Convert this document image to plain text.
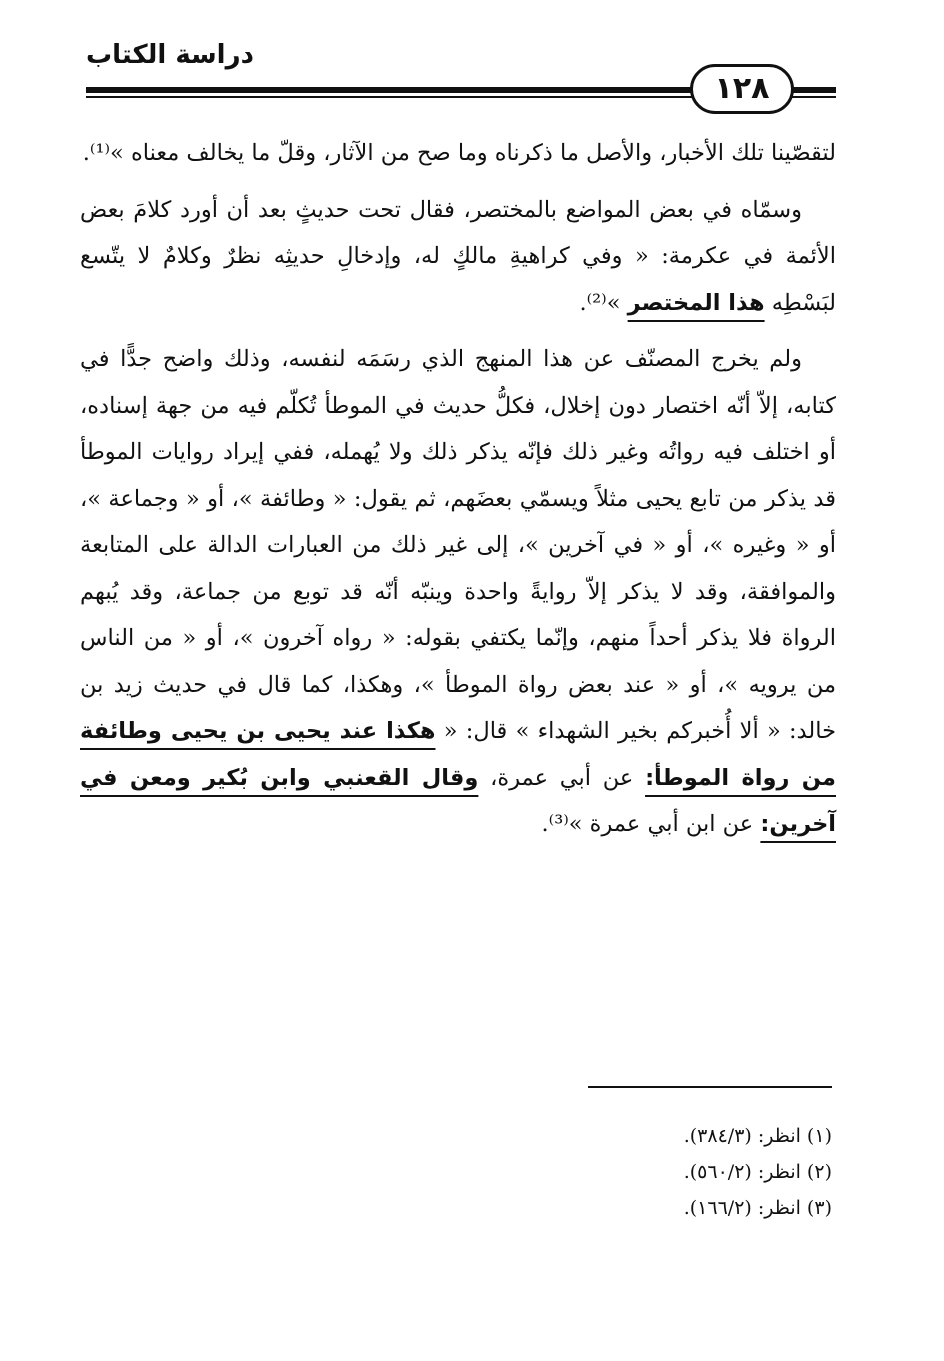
دراسة الكتاب
١٢٨

لتقصّينا تلك الأخبار، والأصل ما ذكرناه وما صح من الآثار، وقلّ ما يخالف معناه »⁽¹⁾.

وسمّاه في بعض المواضع بالمختصر، فقال تحت حديثٍ بعد أن أورد كلامَ بعض الأئمة في عكرمة: « وفي كراهيةِ مالكٍ له، وإدخالِ حديثِه نظرٌ وكلامٌ لا يتّسع لبَسْطِه هذا المختصر »⁽²⁾.

ولم يخرج المصنّف عن هذا المنهج الذي رسَمَه لنفسه، وذلك واضح جدًّا في كتابه، إلاّ أنّه اختصار دون إخلال، فكلُّ حديث في الموطأ تُكلّم فيه من جهة إسناده، أو اختلف فيه رواتُه وغير ذلك فإنّه يذكر ذلك ولا يُهمله، ففي إيراد روايات الموطأ قد يذكر من تابع يحيى مثلاً ويسمّي بعضَهم، ثم يقول: « وطائفة »، أو « وجماعة »، أو « وغيره »، أو « في آخرين »، إلى غير ذلك من العبارات الدالة على المتابعة والموافقة، وقد لا يذكر إلاّ روايةً واحدة وينبّه أنّه قد توبع من جماعة، وقد يُبهم الرواة فلا يذكر أحداً منهم، وإنّما يكتفي بقوله: « رواه آخرون »، أو « من الناس من يرويه »، أو « عند بعض رواة الموطأ »، وهكذا، كما قال في حديث زيد بن خالد: « ألا أُخبركم بخير الشهداء » قال: « هكذا عند يحيى بن يحيى وطائفة من رواة الموطأ: عن أبي عمرة، وقال القعنبي وابن بُكير ومعن في آخرين: عن ابن أبي عمرة »⁽³⁾.

(١) انظر: (٣٨٤/٣).
(٢) انظر: (٥٦٠/٢).
(٣) انظر: (١٦٦/٢).
